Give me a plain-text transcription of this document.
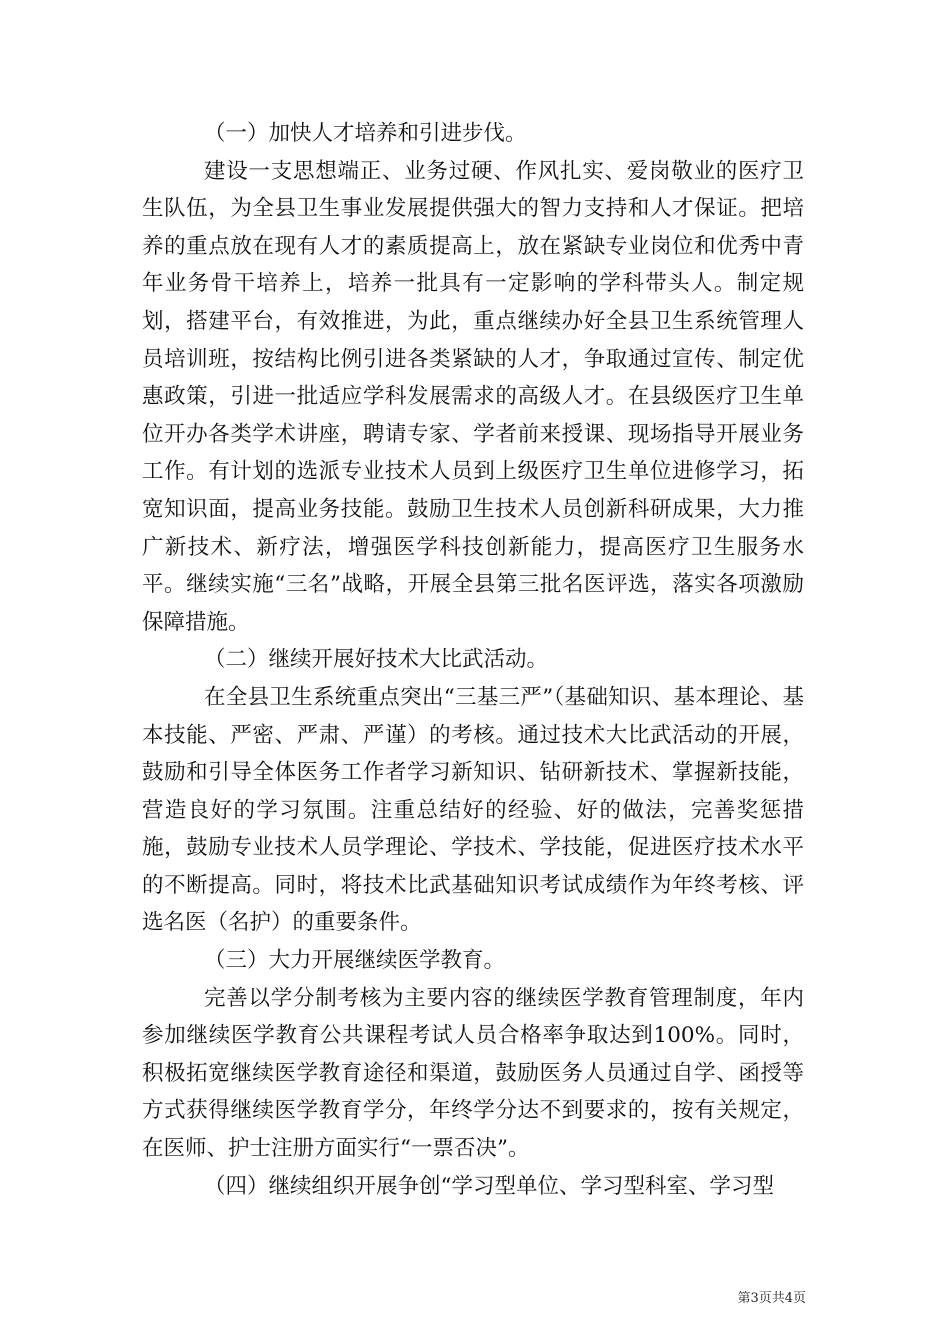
（一）加快人才培养和引进步伐。

建设一支思想端正、业务过硬、作风扎实、爱岗敬业的医疗卫生队伍，为全县卫生事业发展提供强大的智力支持和人才保证。把培养的重点放在现有人才的素质提高上，放在紧缺专业岗位和优秀中青年业务骨干培养上，培养一批具有一定影响的学科带头人。制定规划，搭建平台，有效推进，为此，重点继续办好全县卫生系统管理人员培训班，按结构比例引进各类紧缺的人才，争取通过宣传、制定优惠政策，引进一批适应学科发展需求的高级人才。在县级医疗卫生单位开办各类学术讲座，聘请专家、学者前来授课、现场指导开展业务工作。有计划的选派专业技术人员到上级医疗卫生单位进修学习，拓宽知识面，提高业务技能。鼓励卫生技术人员创新科研成果，大力推广新技术、新疗法，增强医学科技创新能力，提高医疗卫生服务水平。继续实施“三名”战略，开展全县第三批名医评选，落实各项激励保障措施。

（二）继续开展好技术大比武活动。

在全县卫生系统重点突出“三基三严”（基础知识、基本理论、基本技能、严密、严肃、严谨）的考核。通过技术大比武活动的开展，鼓励和引导全体医务工作者学习新知识、钻研新技术、掌握新技能，营造良好的学习氛围。注重总结好的经验、好的做法，完善奖惩措施，鼓励专业技术人员学理论、学技术、学技能，促进医疗技术水平的不断提高。同时，将技术比武基础知识考试成绩作为年终考核、评选名医（名护）的重要条件。

（三）大力开展继续医学教育。

完善以学分制考核为主要内容的继续医学教育管理制度，年内参加继续医学教育公共课程考试人员合格率争取达到100%。同时，积极拓宽继续医学教育途径和渠道，鼓励医务人员通过自学、函授等方式获得继续医学教育学分，年终学分达不到要求的，按有关规定，在医师、护士注册方面实行“一票否决”。

（四）继续组织开展争创“学习型单位、学习型科室、学习型

第3页共4页
